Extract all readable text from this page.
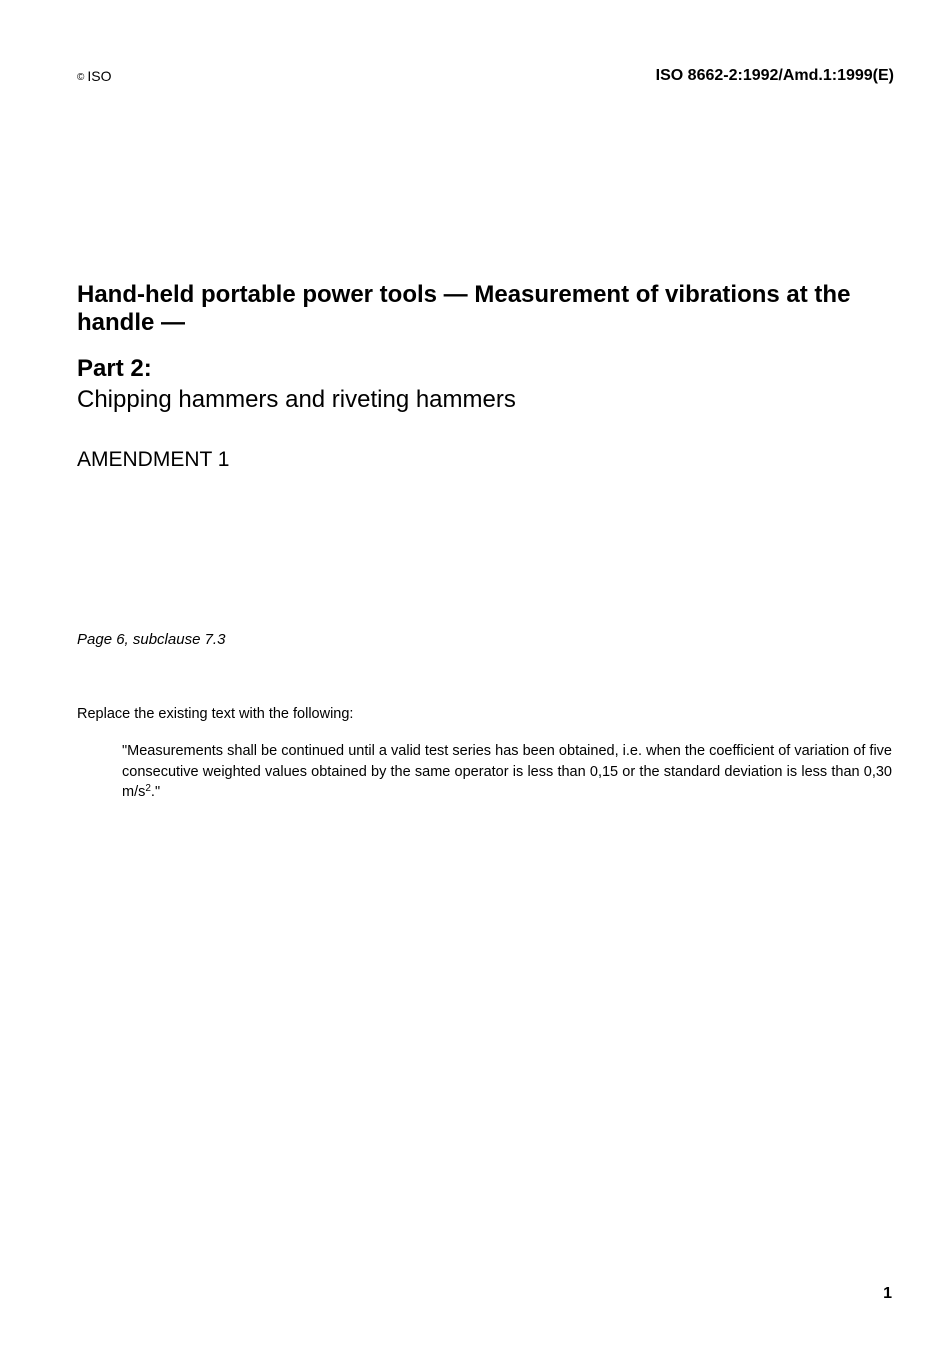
© ISO	ISO 8662-2:1992/Amd.1:1999(E)
Hand-held portable power tools — Measurement of vibrations at the handle —
Part 2:
Chipping hammers and riveting hammers
AMENDMENT 1
Page 6, subclause 7.3
Replace the existing text with the following:
"Measurements shall be continued until a valid test series has been obtained, i.e. when the coefficient of variation of five consecutive weighted values obtained by the same operator is less than 0,15 or the standard deviation is less than 0,30 $m/s^2$."
1
